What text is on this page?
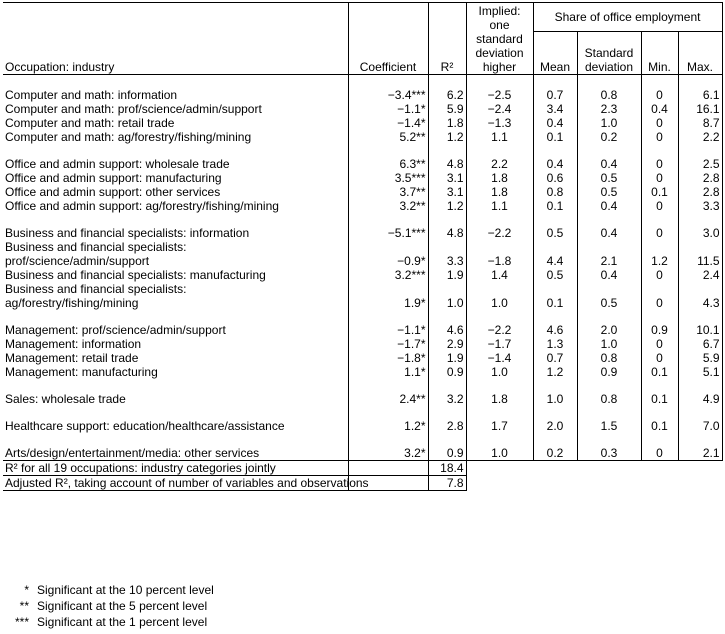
Occupation: industry	Coefficient	R²	Implied:
one
standard
deviation
higher	Share of office employment			
				Mean	Standard
deviation	Min.	Max.

Computer and math: information	−3.4***	6.2	−2.5	0.7	0.8	0	6.1
Computer and math: prof/science/admin/support	−1.1*	5.9	−2.4	3.4	2.3	0.4	16.1
Computer and math: retail trade	−1.4*	1.8	−1.3	0.4	1.0	0	8.7
Computer and math: ag/forestry/fishing/mining	5.2**	1.2	1.1	0.1	0.2	0	2.2

Office and admin support: wholesale trade	6.3**	4.8	2.2	0.4	0.4	0	2.5
Office and admin support: manufacturing	3.5***	3.1	1.8	0.6	0.5	0	2.8
Office and admin support: other services	3.7**	3.1	1.8	0.8	0.5	0.1	2.8
Office and admin support: ag/forestry/fishing/mining	3.2**	1.2	1.1	0.1	0.4	0	3.3

Business and financial specialists: information	−5.1***	4.8	−2.2	0.5	0.4	0	3.0

Business and financial specialists:
prof/science/admin/support	−0.9*	3.3	−1.8	4.4	2.1	1.2	11.5
Business and financial specialists: manufacturing	3.2***	1.9	1.4	0.5	0.4	0	2.4

Business and financial specialists:
ag/forestry/fishing/mining	1.9*	1.0	1.0	0.1	0.5	0	4.3

Management: prof/science/admin/support	−1.1*	4.6	−2.2	4.6	2.0	0.9	10.1
Management: information	−1.7*	2.9	−1.7	1.3	1.0	0	6.7
Management: retail trade	−1.8*	1.9	−1.4	0.7	0.8	0	5.9
Management: manufacturing	1.1*	0.9	1.0	1.2	0.9	0.1	5.1

Sales: wholesale trade	2.4**	3.2	1.8	1.0	0.8	0.1	4.9

Healthcare support: education/healthcare/assistance	1.2*	2.8	1.7	2.0	1.5	0.1	7.0

Arts/design/entertainment/media: other services	3.2*	0.9	1.0	0.2	0.3	0	2.1
R² for all 19 occupations: industry categories jointly		18.4					
Adjusted R², taking account of number of variables and observations		7.8					
* Significant at the 10 percent level
** Significant at the 5 percent level
*** Significant at the 1 percent level
